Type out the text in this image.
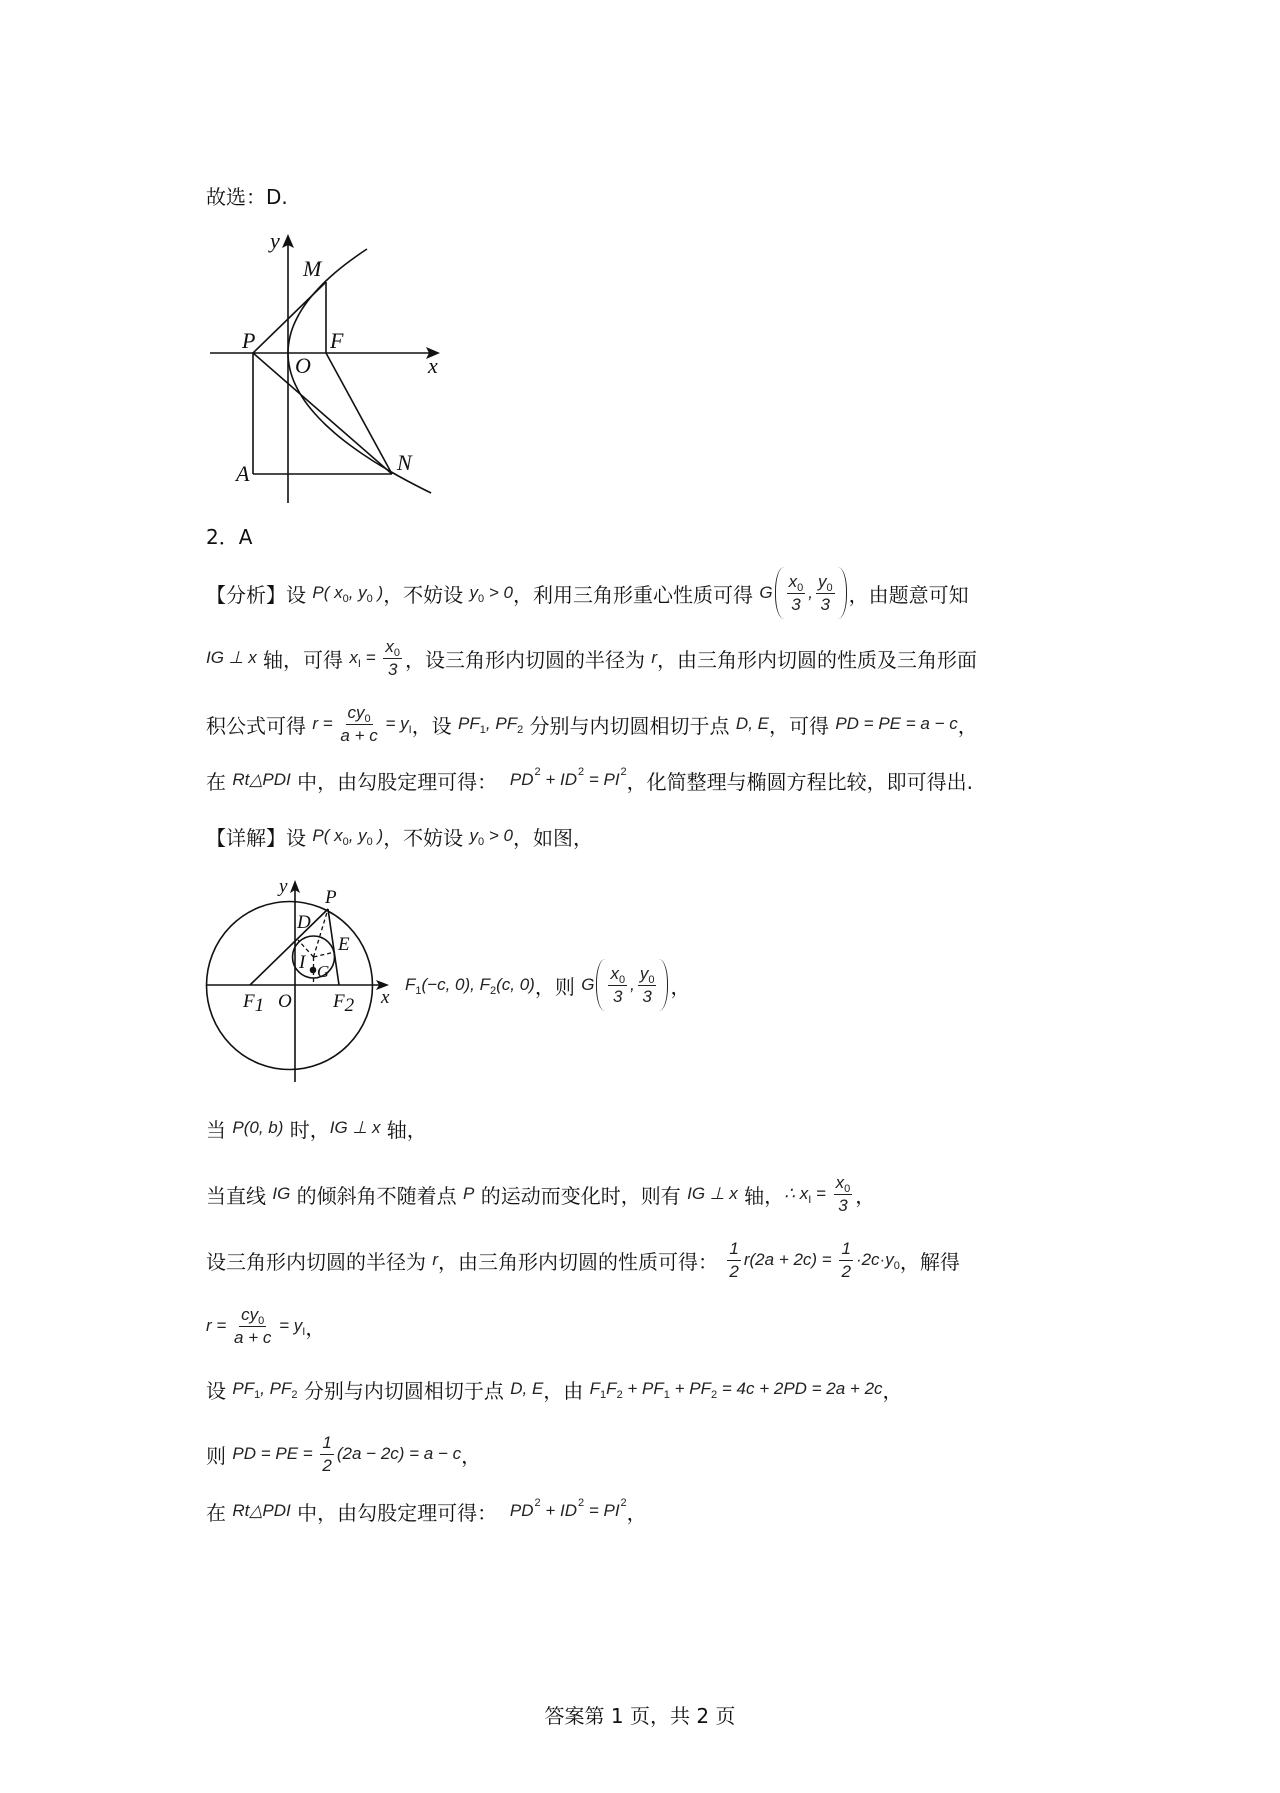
故选：D.
y
M
P	F
O	x
A	N
2．A
【分析】设 P ( x 0 , y 0 ) ，不妨设 y 0 > 0 ，利用三角形重心性质可得 G $\frac{x 0}{3}$ , $\frac{y 0}{3}$ ，由题意可知
IG ⊥ x 轴，可得 x $I = \frac{x 0}{3}$ ，设三角形内切圆的半径为 r ，由三角形内切圆的性质及三角形面
积公式可得 $r = \frac{cy 0}{a + c} = y$ I ，设 PF 1 , PF 2 分别与内切圆相切于点 D, E ，可得 PD = PE = a − c ，
在 Rt△PDI 中，由勾股定理可得： PD 2 + ID 2 = PI 2 ，化简整理与椭圆方程比较，即可得出.
【详解】设 P ( x 0 , y 0 ) ，不妨设 y 0 > 0 ，如图，
y
P
D
E
I G
F1 O F2 x
F 1 (−c, 0), F 2 (c, 0) ，则 G $\frac{x 0}{3}$ , $\frac{y 0}{3}$ ，
当 P(0, b) 时， IG ⊥ x 轴，
当直线 IG 的倾斜角不随着点 P 的运动而变化时，则有 IG ⊥ x 轴， ∴ x $I = \frac{x 0}{3}$ ，
设三角形内切圆的半径为 r ，由三角形内切圆的性质可得： $\frac{1}{2} r(2a + 2c) = \frac{1}{2} \cdot 2c\cdot y$ 0 ，解得
$r = \frac{cy 0}{a + c} = y$ I ，
设 PF 1 , PF 2 分别与内切圆相切于点 D, E ，由 F 1 F 2 + PF 1 + PF 2 = 4c + 2PD = 2a + 2c ，
则 PD = PE = $\frac{1}{2} (2a - 2c) = a - c$ ，
在 Rt△PDI 中，由勾股定理可得： PD 2 + ID 2 = PI 2 ，
答案第 1 页，共 2 页
